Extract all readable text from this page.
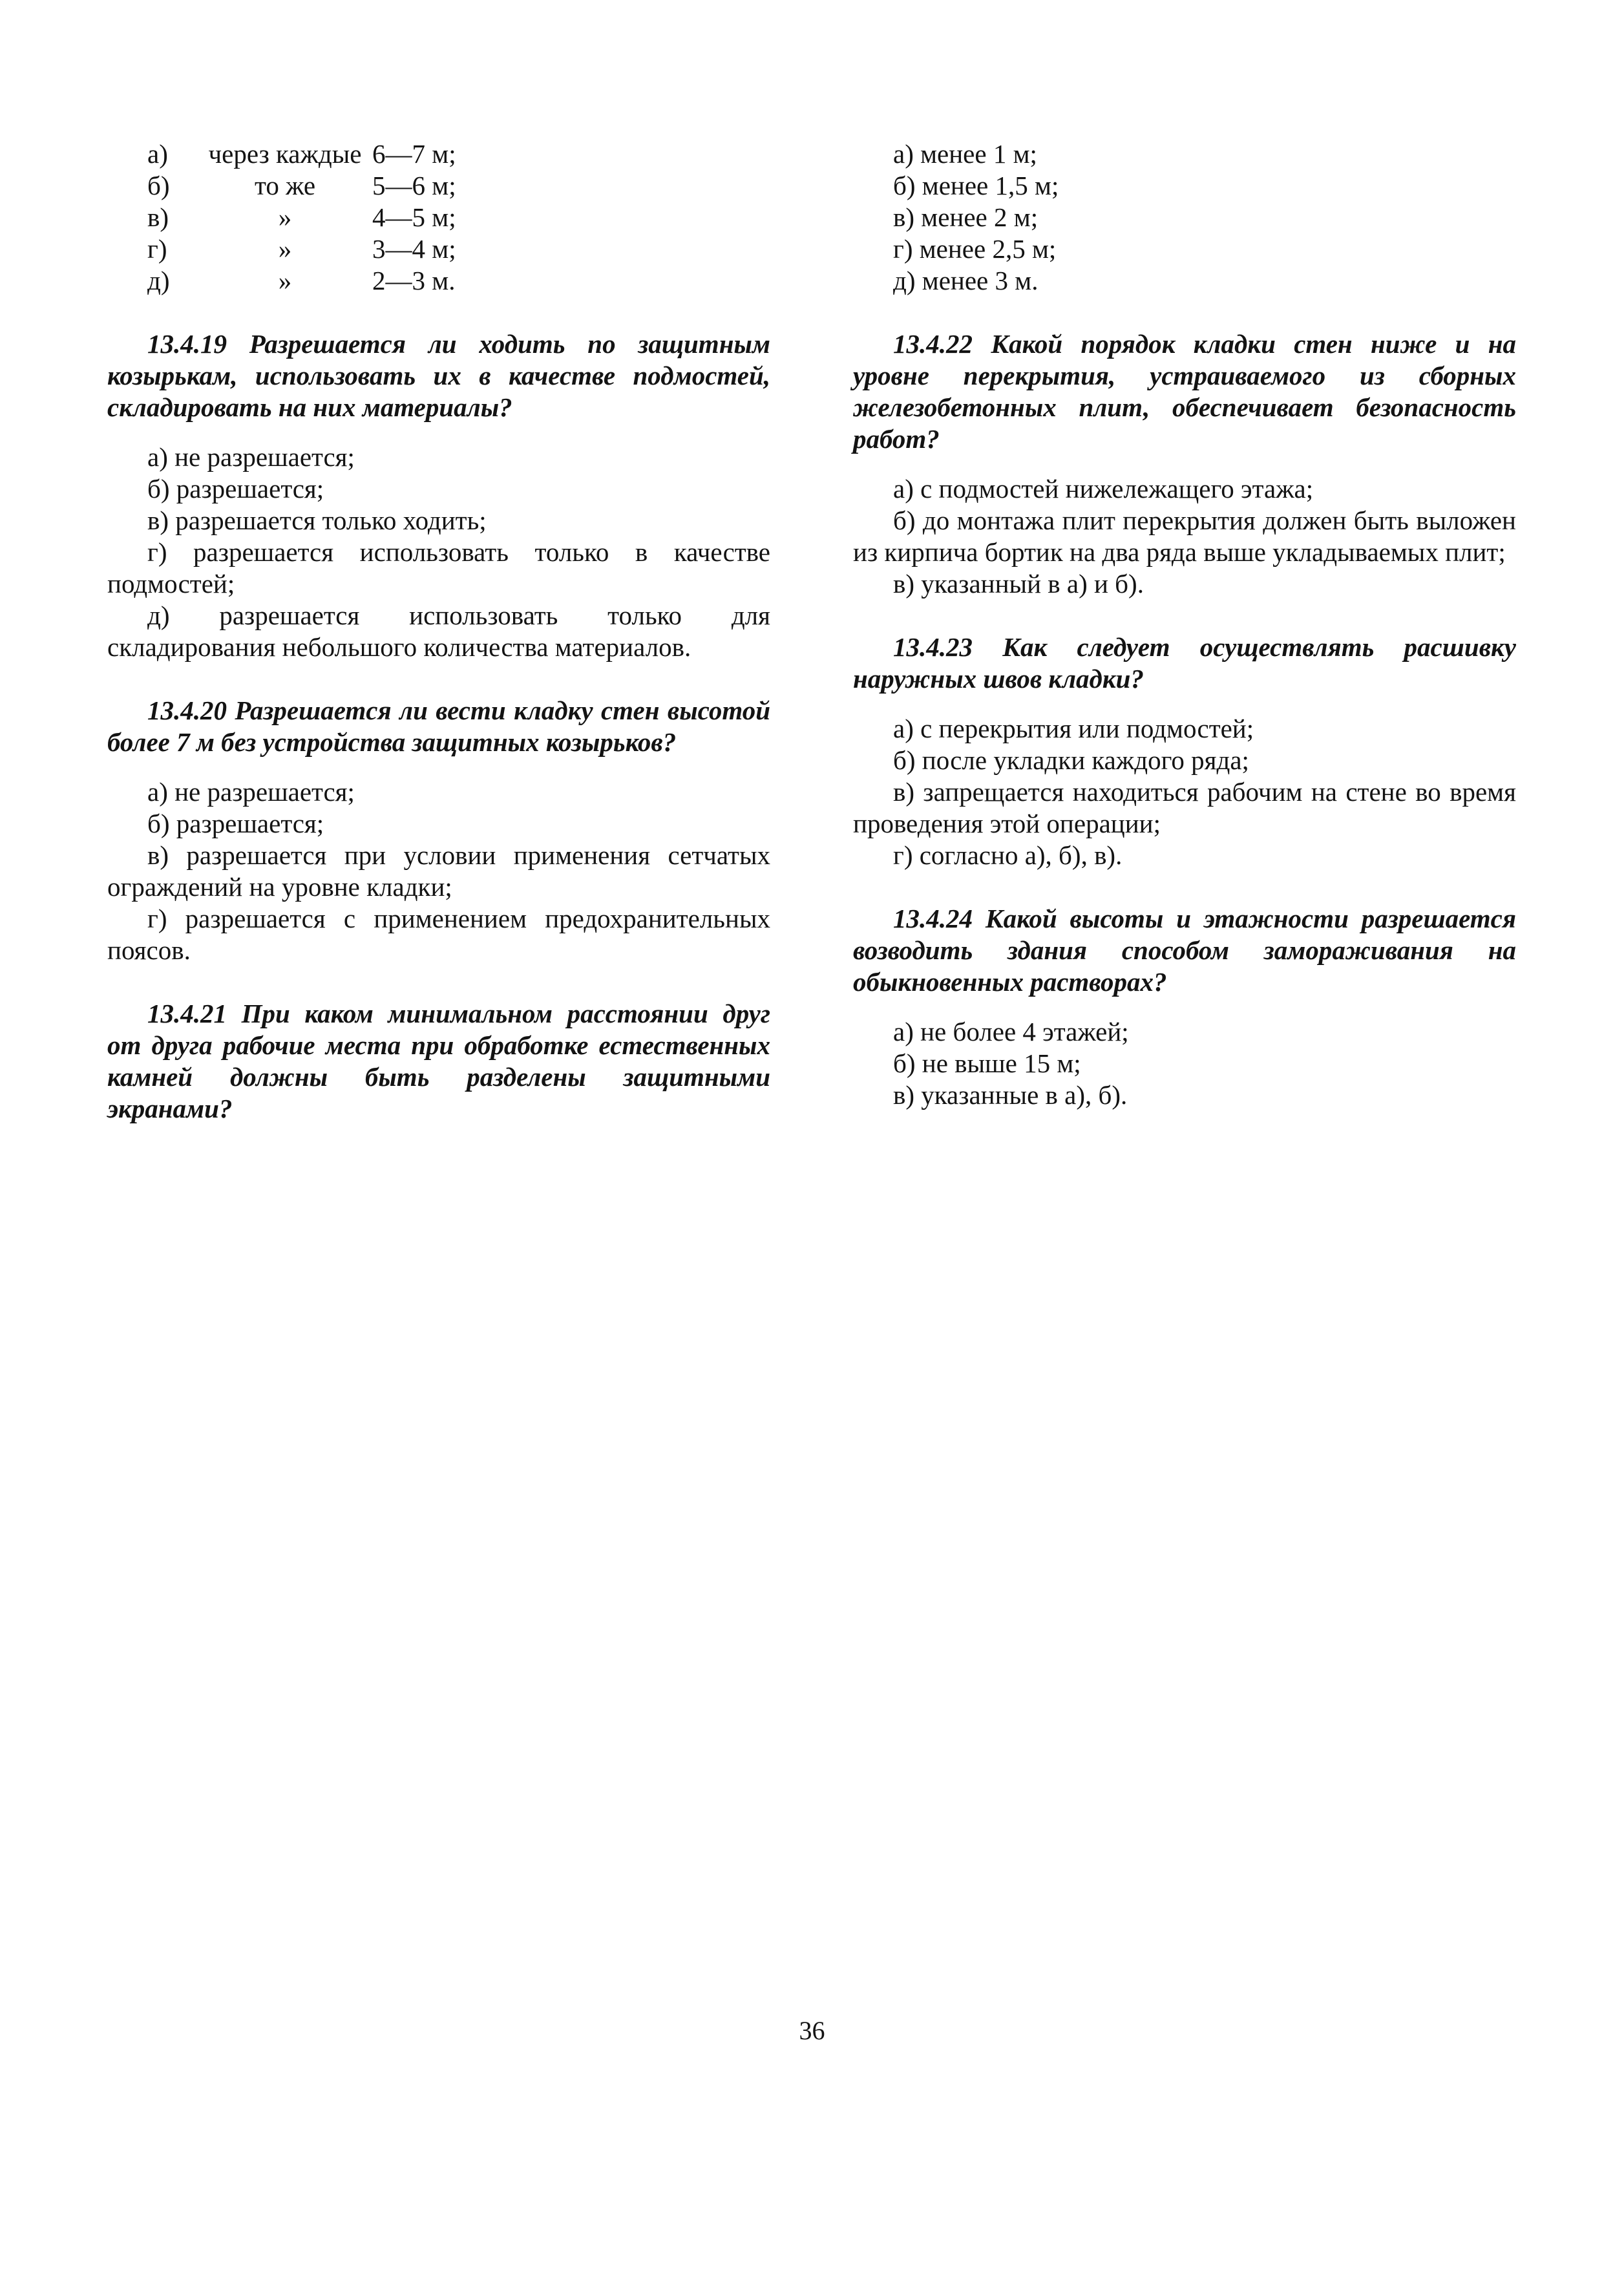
а)	через каждые 6—7 м;
б)	то же	5—6 м;
в)	»	4—5 м;
г)	»	3—4 м;
д)	»	2—3 м.

13.4.19 Разрешается ли ходить по защитным козырькам, использовать их в качестве подмостей, складировать на них материалы?

а) не разрешается;

б) разрешается;

в) разрешается только ходить;

г) разрешается использовать только в качестве подмостей;

д) разрешается использовать только для складирования небольшого количества материалов.

13.4.20 Разрешается ли вести кладку стен высотой более 7 м без устройства защитных козырьков?

а) не разрешается;

б) разрешается;

в) разрешается при условии применения сетчатых ограждений на уровне кладки;

г) разрешается с применением предохранительных поясов.

13.4.21 При каком минимальном расстоянии друг от друга рабочие места при обработке естественных камней должны быть разделены защитными экранами?

а) менее 1 м;

б) менее 1,5 м;

в) менее 2 м;

г) менее 2,5 м;

д) менее 3 м.

13.4.22 Какой порядок кладки стен ниже и на уровне перекрытия, устраиваемого из сборных железобетонных плит, обеспечивает безопасность работ?

а) с подмостей нижележащего этажа;

б) до монтажа плит перекрытия должен быть выложен из кирпича бортик на два ряда выше укладываемых плит;

в) указанный в а) и б).

13.4.23 Как следует осуществлять расшивку наружных швов кладки?

а) с перекрытия или подмостей;

б) после укладки каждого ряда;

в) запрещается находиться рабочим на стене во время проведения этой операции;

г) согласно а), б), в).

13.4.24 Какой высоты и этажности разрешается возводить здания способом замораживания на обыкновенных растворах?

а) не более 4 этажей;

б) не выше 15 м;

в) указанные в а), б).

36
